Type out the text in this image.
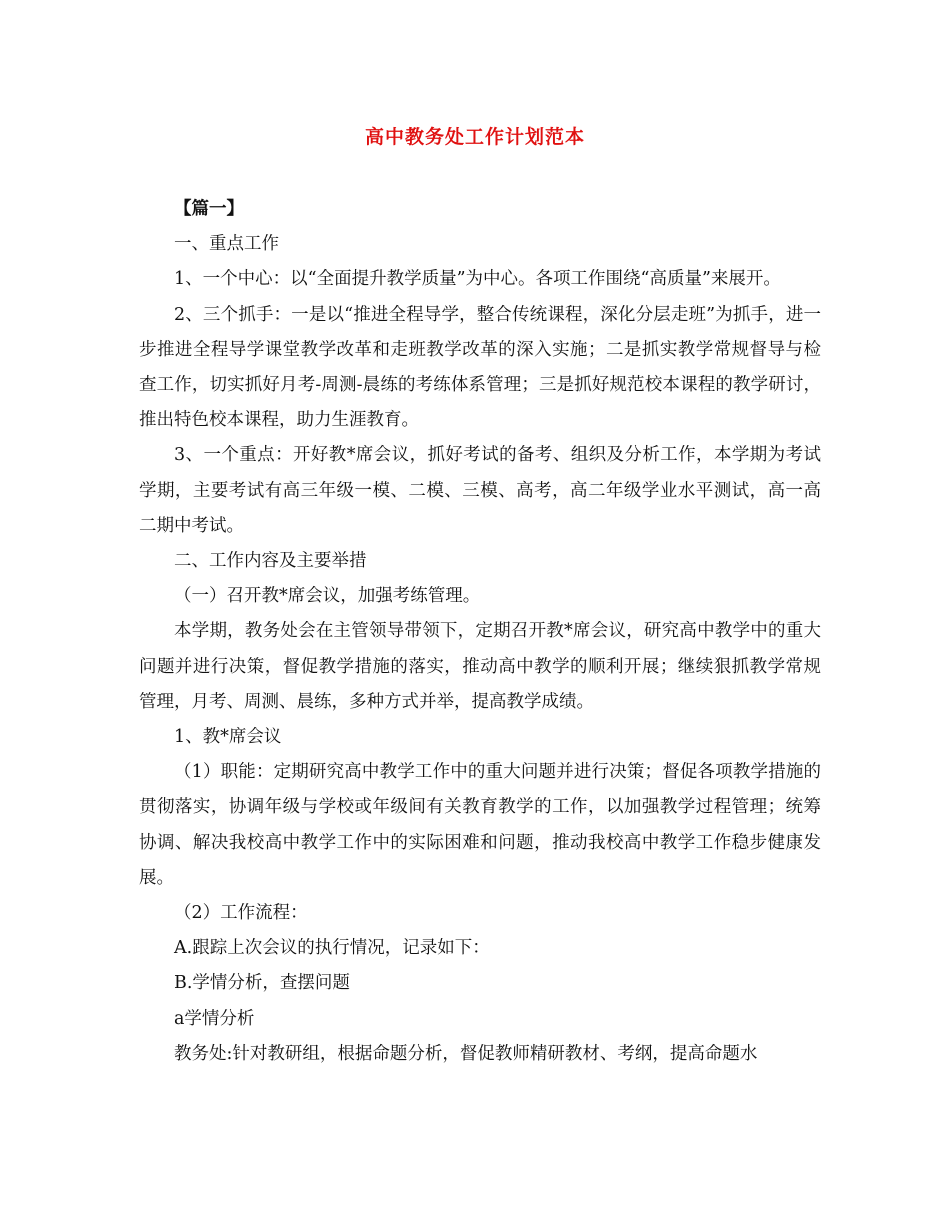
高中教务处工作计划范本

【篇一】

一、重点工作

1、一个中心：以“全面提升教学质量”为中心。各项工作围绕“高质量”来展开。

2、三个抓手：一是以“推进全程导学，整合传统课程，深化分层走班”为抓手，进一步推进全程导学课堂教学改革和走班教学改革的深入实施；二是抓实教学常规督导与检查工作，切实抓好月考-周测-晨练的考练体系管理；三是抓好规范校本课程的教学研讨，推出特色校本课程，助力生涯教育。

3、一个重点：开好教*席会议，抓好考试的备考、组织及分析工作，本学期为考试学期，主要考试有高三年级一模、二模、三模、高考，高二年级学业水平测试，高一高二期中考试。

二、工作内容及主要举措

（一）召开教*席会议，加强考练管理。

本学期，教务处会在主管领导带领下，定期召开教*席会议，研究高中教学中的重大问题并进行决策，督促教学措施的落实，推动高中教学的顺利开展；继续狠抓教学常规管理，月考、周测、晨练，多种方式并举，提高教学成绩。

1、教*席会议

（1）职能：定期研究高中教学工作中的重大问题并进行决策；督促各项教学措施的贯彻落实，协调年级与学校或年级间有关教育教学的工作，以加强教学过程管理；统筹协调、解决我校高中教学工作中的实际困难和问题，推动我校高中教学工作稳步健康发展。

（2）工作流程：

A.跟踪上次会议的执行情况，记录如下：

B.学情分析，查摆问题

a学情分析

教务处:针对教研组，根据命题分析，督促教师精研教材、考纲，提高命题水
